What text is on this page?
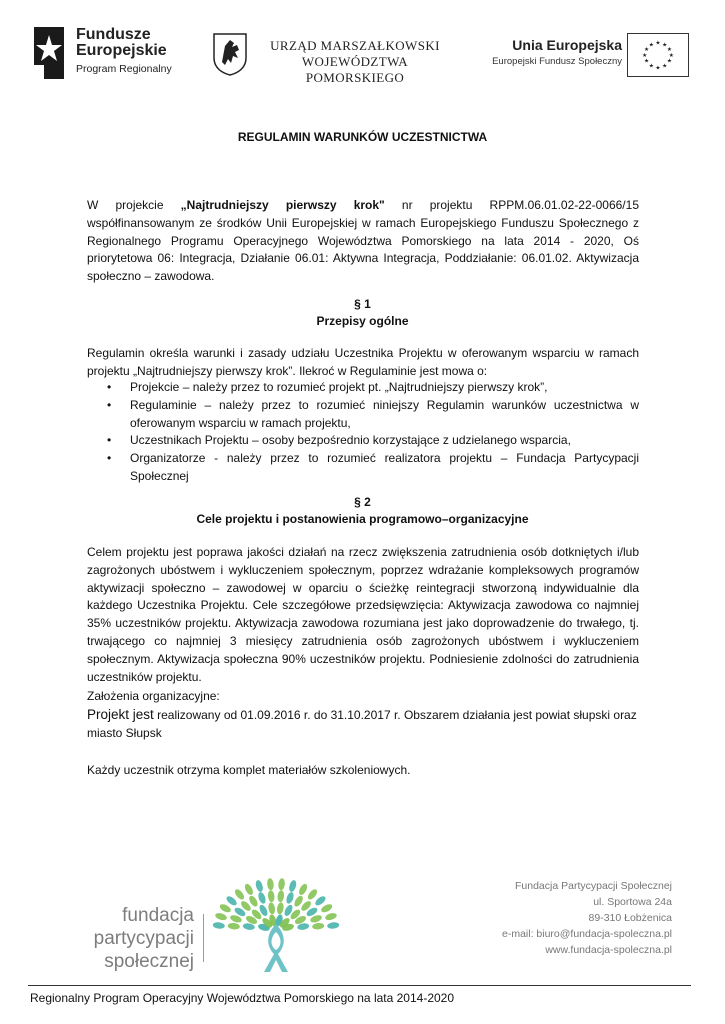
Fundusze
Europejskie
Program Regionalny
URZĄD MARSZAŁKOWSKI
WOJEWÓDZTWA POMORSKIEGO
Unia Europejska
Europejski Fundusz Społeczny
★ ★
★
★
★
★
★
★
★
★
★
★
REGULAMIN WARUNKÓW UCZESTNICTWA

W projekcie „Najtrudniejszy pierwszy krok" nr projektu RPPM.06.01.02-22-0066/15 współfinansowanym ze środków Unii Europejskiej w ramach Europejskiego Funduszu Społecznego z Regionalnego Programu Operacyjnego Województwa Pomorskiego na lata 2014 - 2020, Oś priorytetowa 06: Integracja, Działanie 06.01: Aktywna Integracja, Poddziałanie: 06.01.02. Aktywizacja społeczno – zawodowa.

§ 1
Przepisy ogólne

Regulamin określa warunki i zasady udziału Uczestnika Projektu w oferowanym wsparciu w ramach projektu „Najtrudniejszy pierwszy krok”. Ilekroć w Regulaminie jest mowa o:

• Projekcie – należy przez to rozumieć projekt pt. „Najtrudniejszy pierwszy krok”,
• Regulaminie – należy przez to rozumieć niniejszy Regulamin warunków uczestnictwa w oferowanym wsparciu w ramach projektu,
• Uczestnikach Projektu – osoby bezpośrednio korzystające z udzielanego wsparcia,
• Organizatorze - należy przez to rozumieć realizatora projektu – Fundacja Partycypacji Społecznej
§ 2
Cele projektu i postanowienia programowo–organizacyjne

Celem projektu jest poprawa jakości działań na rzecz zwiększenia zatrudnienia osób dotkniętych i/lub zagrożonych ubóstwem i wykluczeniem społecznym, poprzez wdrażanie kompleksowych programów aktywizacji społeczno – zawodowej w oparciu o ścieżkę reintegracji stworzoną indywidualnie dla każdego Uczestnika Projektu. Cele szczegółowe przedsięwzięcia: Aktywizacja zawodowa co najmniej 35% uczestników projektu. Aktywizacja zawodowa rozumiana jest jako doprowadzenie do trwałego, tj. trwającego co najmniej 3 miesięcy zatrudnienia osób zagrożonych ubóstwem i wykluczeniem społecznym. Aktywizacja społeczna 90% uczestników projektu. Podniesienie zdolności do zatrudnienia uczestników projektu.

Założenia organizacyjne:

Projekt jest realizowany od 01.09.2016 r. do 31.10.2017 r. Obszarem działania jest powiat słupski oraz miasto Słupsk

Każdy uczestnik otrzyma komplet materiałów szkoleniowych.
fundacja
partycypacji
społecznej
Fundacja Partycypacji Społecznej
ul. Sportowa 24a
89-310 Łobżenica
e-mail: biuro@fundacja-spoleczna.pl
www.fundacja-spoleczna.pl
Regionalny Program Operacyjny Województwa Pomorskiego na lata 2014-2020
